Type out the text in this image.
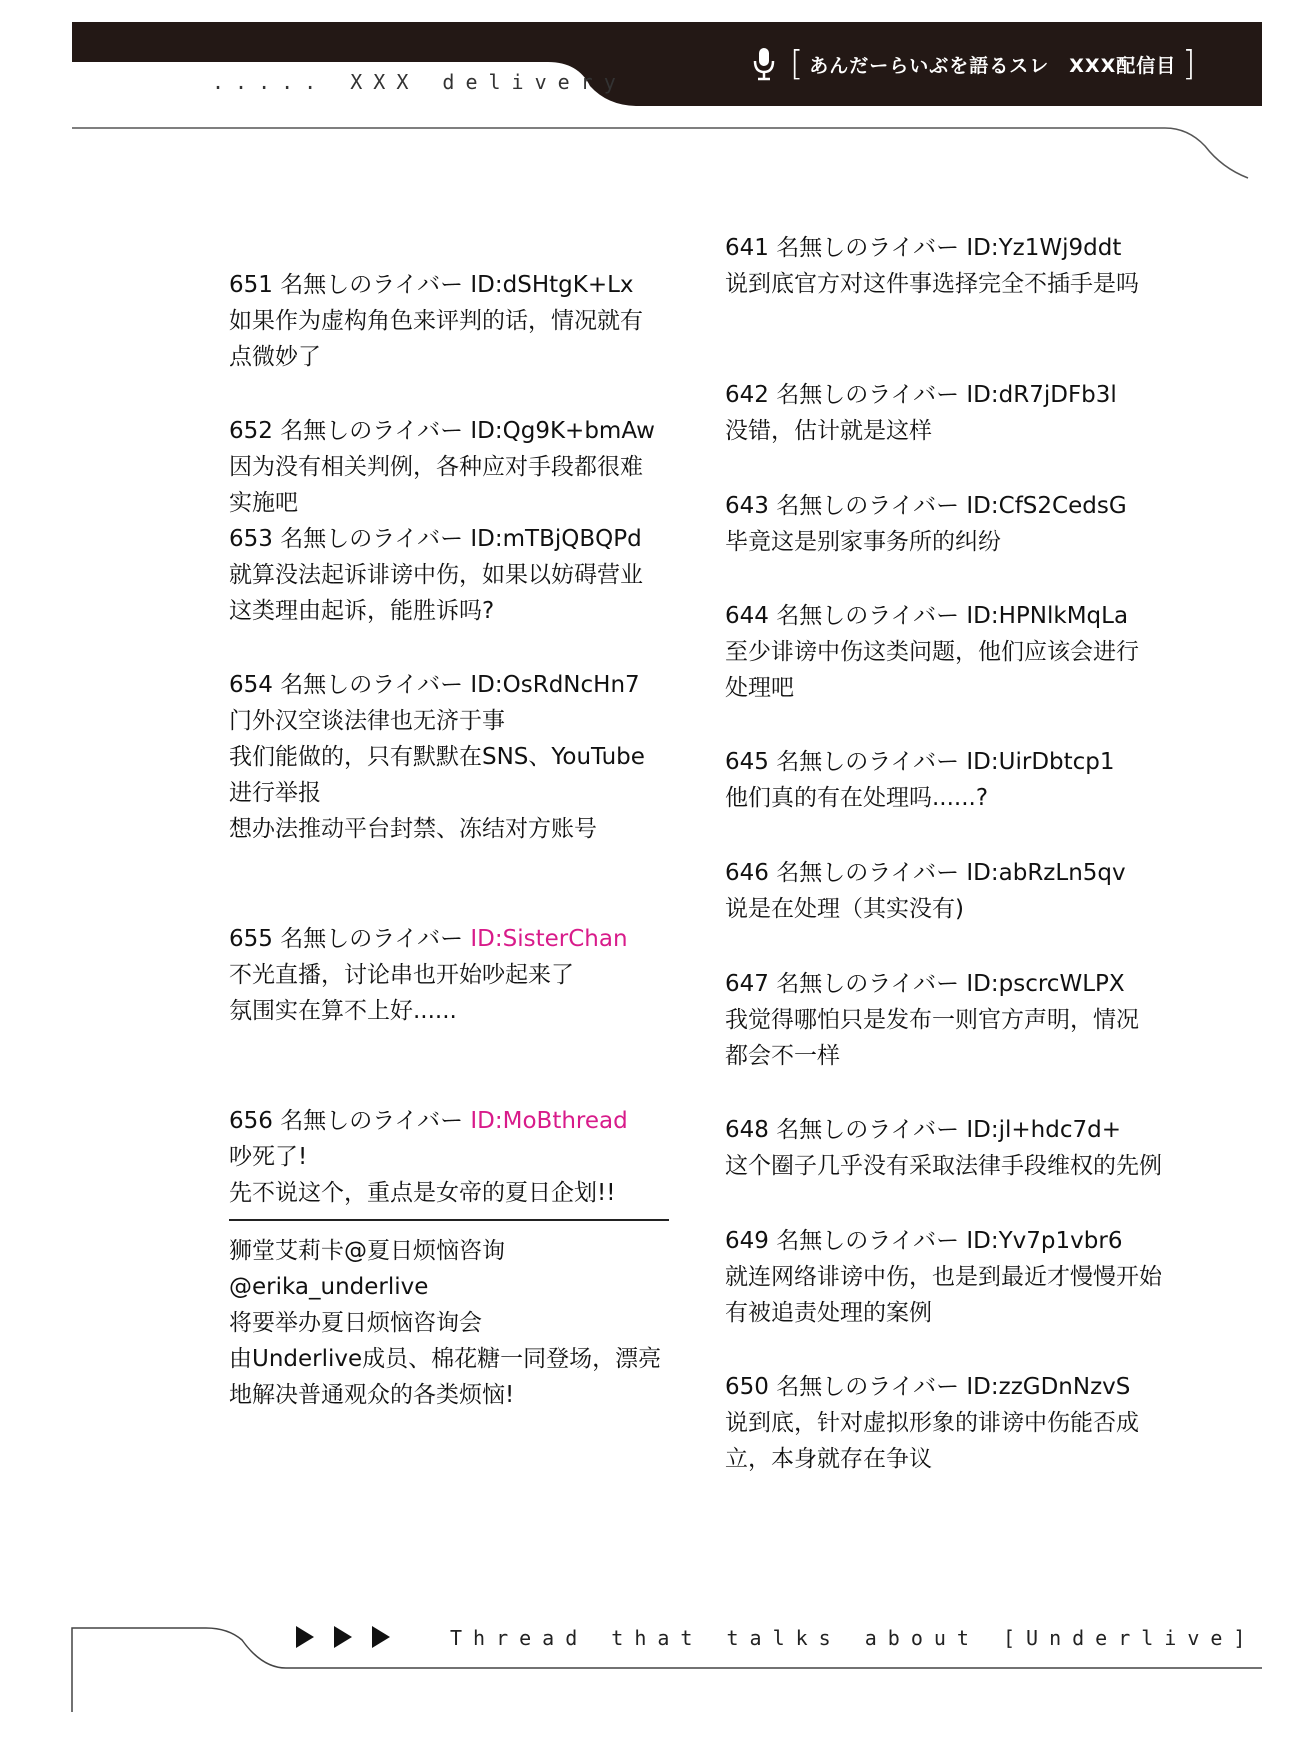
..... XXX delivery	[ あんだーらいぶを語るスレ　XXX配信目 ]
651 名無しのライバー ID:dSHtgK+Lx
如果作为虚构角色来评判的话，情况就有
点微妙了
652 名無しのライバー ID:Qg9K+bmAw
因为没有相关判例，各种应对手段都很难
实施吧
653 名無しのライバー ID:mTBjQBQPd
就算没法起诉诽谤中伤，如果以妨碍营业
这类理由起诉，能胜诉吗?
654 名無しのライバー ID:OsRdNcHn7
门外汉空谈法律也无济于事
我们能做的，只有默默在SNS、YouTube
进行举报
想办法推动平台封禁、冻结对方账号
655 名無しのライバー ID:SisterChan
不光直播，讨论串也开始吵起来了
氛围实在算不上好......
656 名無しのライバー ID:MoBthread
吵死了!
先不说这个，重点是女帝的夏日企划!!
狮堂艾莉卡@夏日烦恼咨询
@erika_underlive
将要举办夏日烦恼咨询会
由Underlive成员、棉花糖一同登场，漂亮
地解决普通观众的各类烦恼!
641 名無しのライバー ID:Yz1Wj9ddt
说到底官方对这件事选择完全不插手是吗
642 名無しのライバー ID:dR7jDFb3l
没错，估计就是这样
643 名無しのライバー ID:CfS2CedsG
毕竟这是别家事务所的纠纷
644 名無しのライバー ID:HPNlkMqLa
至少诽谤中伤这类问题，他们应该会进行
处理吧
645 名無しのライバー ID:UirDbtcp1
他们真的有在处理吗......?
646 名無しのライバー ID:abRzLn5qv
说是在处理（其实没有)
647 名無しのライバー ID:pscrcWLPX
我觉得哪怕只是发布一则官方声明，情况
都会不一样
648 名無しのライバー ID:jl+hdc7d+
这个圈子几乎没有采取法律手段维权的先例
649 名無しのライバー ID:Yv7p1vbr6
就连网络诽谤中伤，也是到最近才慢慢开始
有被追责处理的案例
650 名無しのライバー ID:zzGDnNzvS
说到底，针对虚拟形象的诽谤中伤能否成
立，本身就存在争议
Thread that talks about [Underlive]
